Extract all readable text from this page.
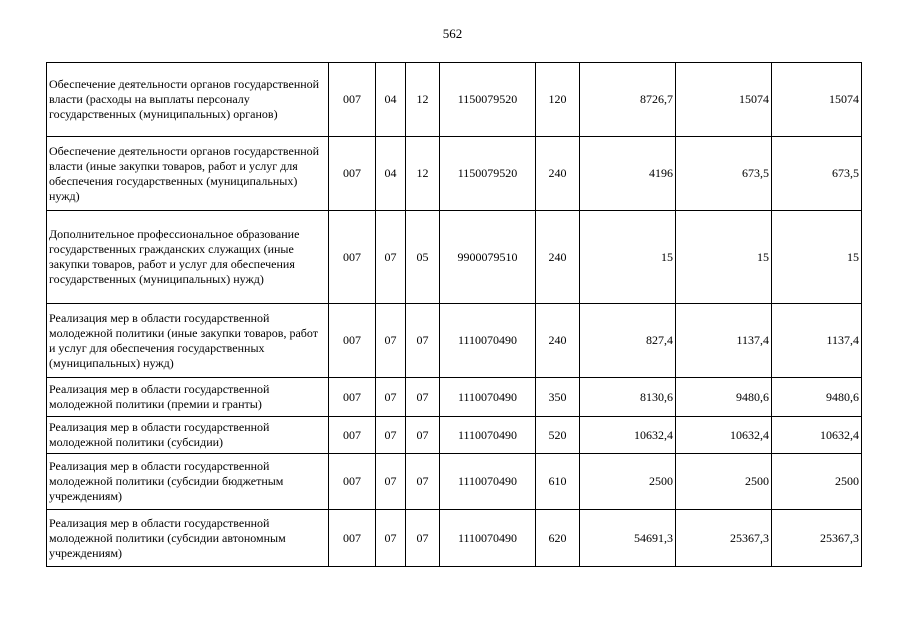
562
Обеспечение деятельности органов государственной власти (расходы на выплаты персоналу государственных (муниципальных) органов)	007	04	12	1150079520	120	8726,7	15074	15074
Обеспечение деятельности органов государственной власти (иные закупки товаров, работ и услуг для обеспечения государственных (муниципальных) нужд)	007	04	12	1150079520	240	4196	673,5	673,5
Дополнительное профессиональное образование государственных гражданских служащих (иные закупки товаров, работ и услуг для обеспечения государственных (муниципальных) нужд)	007	07	05	9900079510	240	15	15	15
Реализация мер в области государственной молодежной политики (иные закупки товаров, работ и услуг для обеспечения государственных (муниципальных) нужд)	007	07	07	1110070490	240	827,4	1137,4	1137,4
Реализация мер в области государственной молодежной политики (премии и гранты)	007	07	07	1110070490	350	8130,6	9480,6	9480,6
Реализация мер в области государственной молодежной политики (субсидии)	007	07	07	1110070490	520	10632,4	10632,4	10632,4
Реализация мер в области государственной молодежной политики (субсидии бюджетным учреждениям)	007	07	07	1110070490	610	2500	2500	2500
Реализация мер в области государственной молодежной политики (субсидии автономным учреждениям)	007	07	07	1110070490	620	54691,3	25367,3	25367,3
